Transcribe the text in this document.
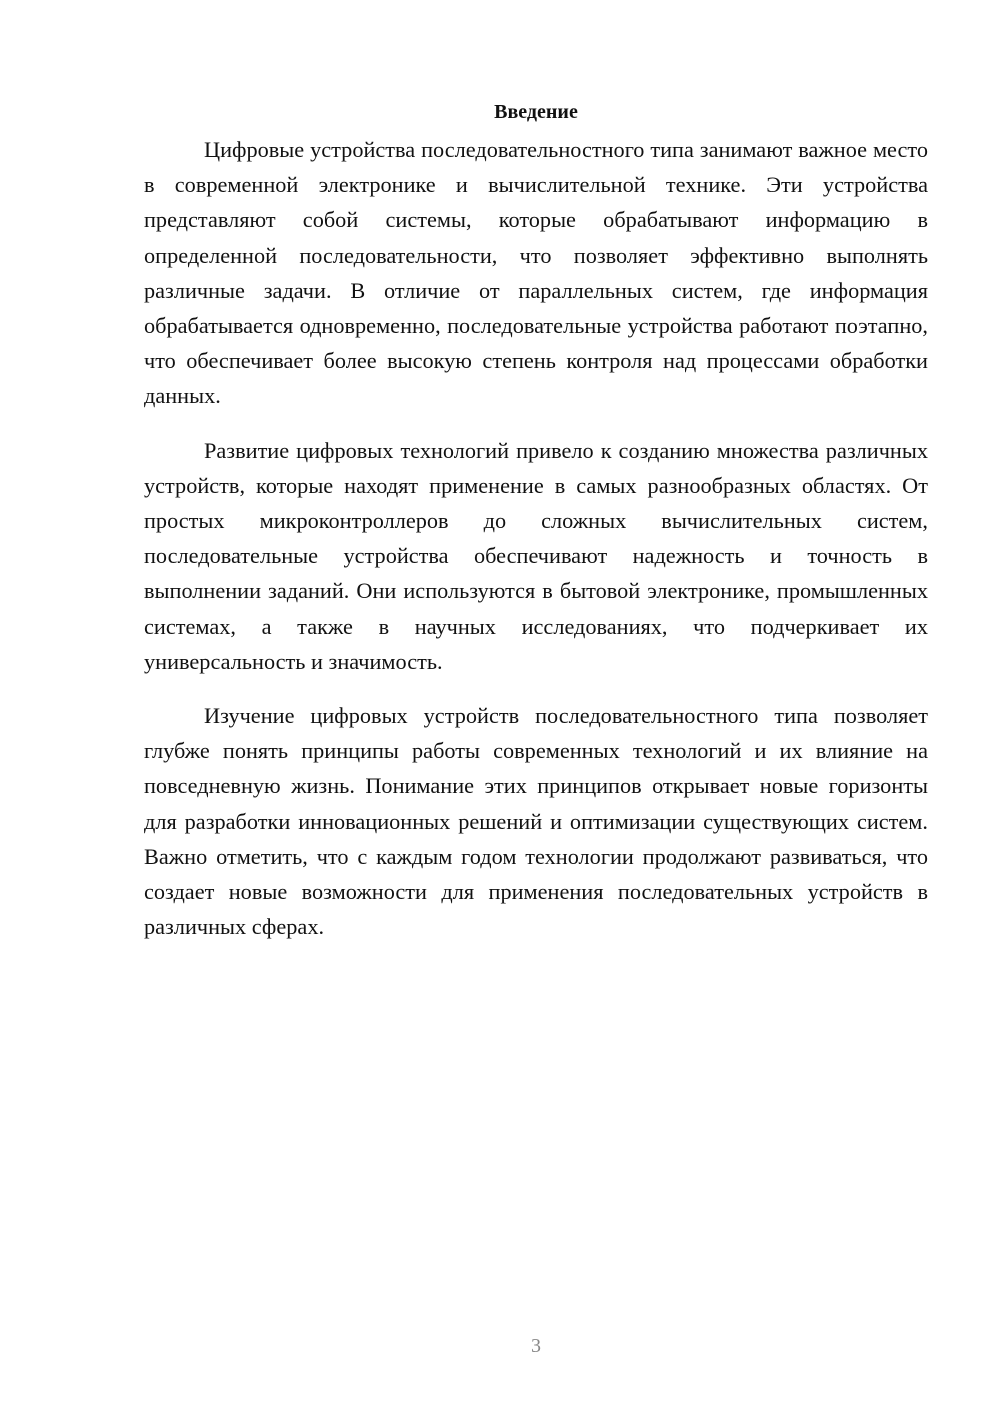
Введение

Цифровые устройства последовательностного типа занимают важное место в современной электронике и вычислительной технике. Эти устройства представляют собой системы, которые обрабатывают информацию в определенной последовательности, что позволяет эффективно выполнять различные задачи. В отличие от параллельных систем, где информация обрабатывается одновременно, последовательные устройства работают поэтапно, что обеспечивает более высокую степень контроля над процессами обработки данных.

Развитие цифровых технологий привело к созданию множества различных устройств, которые находят применение в самых разнообразных областях. От простых микроконтроллеров до сложных вычислительных систем, последовательные устройства обеспечивают надежность и точность в выполнении заданий. Они используются в бытовой электронике, промышленных системах, а также в научных исследованиях, что подчеркивает их универсальность и значимость.

Изучение цифровых устройств последовательностного типа позволяет глубже понять принципы работы современных технологий и их влияние на повседневную жизнь. Понимание этих принципов открывает новые горизонты для разработки инновационных решений и оптимизации существующих систем. Важно отметить, что с каждым годом технологии продолжают развиваться, что создает новые возможности для применения последовательных устройств в различных сферах.

3
